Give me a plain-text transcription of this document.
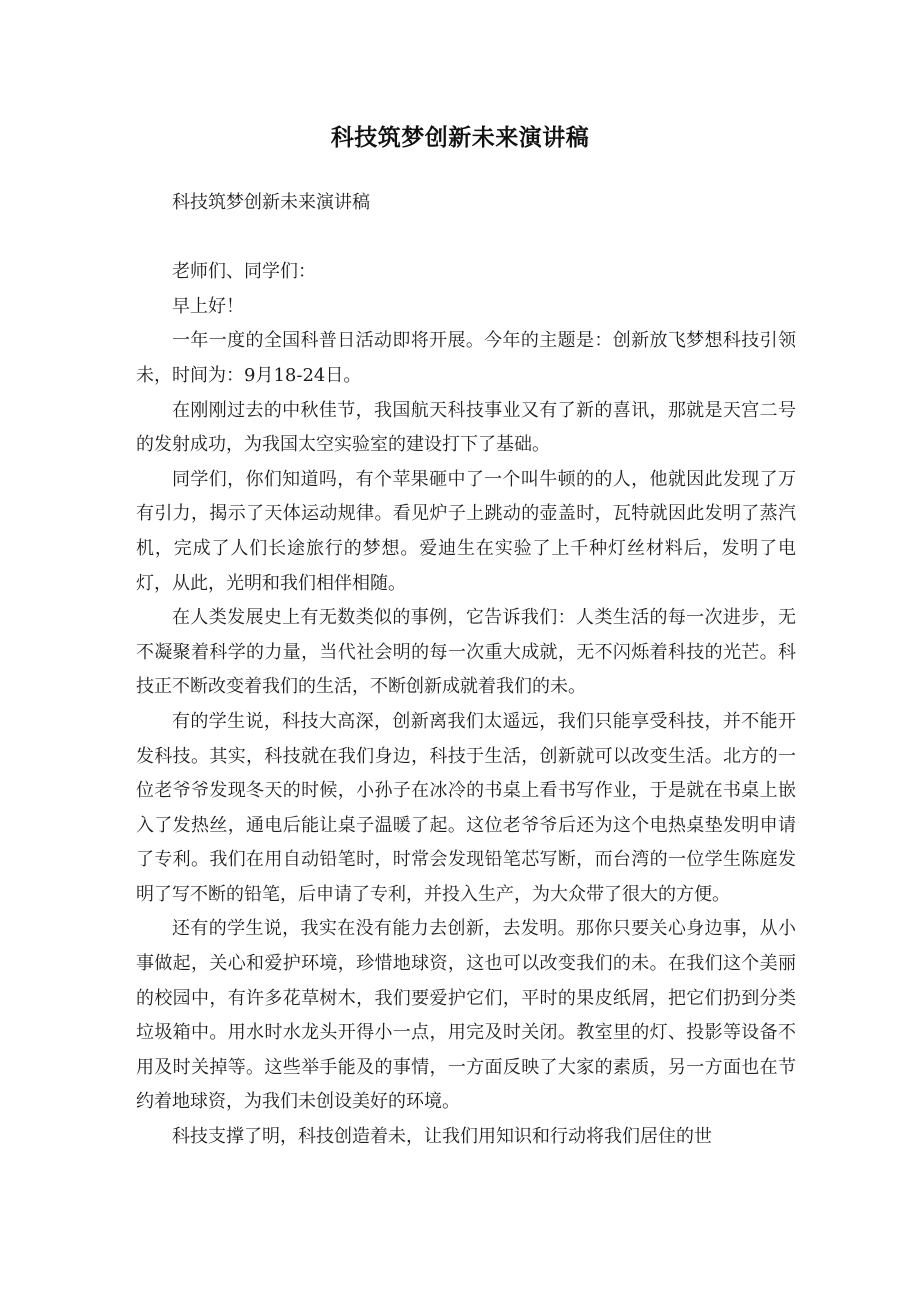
科技筑梦创新未来演讲稿

科技筑梦创新未来演讲稿

老师们、同学们：

早上好！

一年一度的全国科普日活动即将开展。今年的主题是：创新放飞梦想科技引领未，时间为：9月18-24日。

在刚刚过去的中秋佳节，我国航天科技事业又有了新的喜讯，那就是天宫二号的发射成功，为我国太空实验室的建设打下了基础。

同学们，你们知道吗，有个苹果砸中了一个叫牛顿的的人，他就因此发现了万有引力，揭示了天体运动规律。看见炉子上跳动的壶盖时，瓦特就因此发明了蒸汽机，完成了人们长途旅行的梦想。爱迪生在实验了上千种灯丝材料后，发明了电灯，从此，光明和我们相伴相随。

在人类发展史上有无数类似的事例，它告诉我们：人类生活的每一次进步，无不凝聚着科学的力量，当代社会明的每一次重大成就，无不闪烁着科技的光芒。科技正不断改变着我们的生活，不断创新成就着我们的未。

有的学生说，科技大高深，创新离我们太遥远，我们只能享受科技，并不能开发科技。其实，科技就在我们身边，科技于生活，创新就可以改变生活。北方的一位老爷爷发现冬天的时候，小孙子在冰冷的书桌上看书写作业，于是就在书桌上嵌入了发热丝，通电后能让桌子温暖了起。这位老爷爷后还为这个电热桌垫发明申请了专利。我们在用自动铅笔时，时常会发现铅笔芯写断，而台湾的一位学生陈庭发明了写不断的铅笔，后申请了专利，并投入生产，为大众带了很大的方便。

还有的学生说，我实在没有能力去创新，去发明。那你只要关心身边事，从小事做起，关心和爱护环境，珍惜地球资，这也可以改变我们的未。在我们这个美丽的校园中，有许多花草树木，我们要爱护它们，平时的果皮纸屑，把它们扔到分类垃圾箱中。用水时水龙头开得小一点，用完及时关闭。教室里的灯、投影等设备不用及时关掉等。这些举手能及的事情，一方面反映了大家的素质，另一方面也在节约着地球资，为我们未创设美好的环境。

科技支撑了明，科技创造着未，让我们用知识和行动将我们居住的世
